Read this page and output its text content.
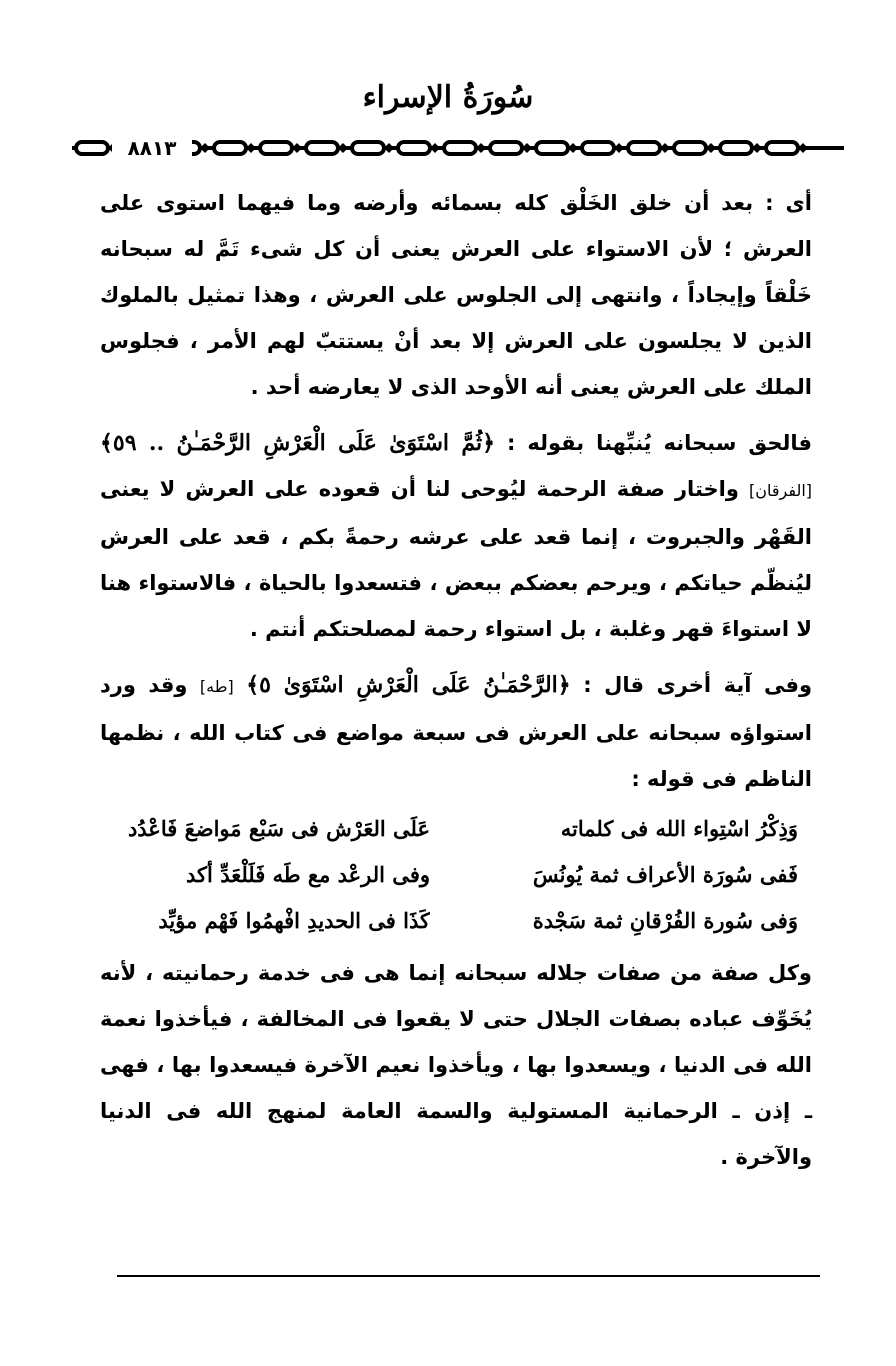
سُورَةُ الإسراء
٨٨١٣

أى : بعد أن خلق الخَلْق كله بسمائه وأرضه وما فيهما استوى على العرش ؛ لأن الاستواء على العرش يعنى أن كل شىء تَمَّ له سبحانه خَلْقاً وإيجاداً ، وانتهى إلى الجلوس على العرش ، وهذا تمثيل بالملوك الذين لا يجلسون على العرش إلا بعد أنْ يستتبّ لهم الأمر ، فجلوس الملك على العرش يعنى أنه الأوحد الذى لا يعارضه أحد .

فالحق سبحانه يُنبِّهنا بقوله : ﴿ثُمَّ اسْتَوَىٰ عَلَى الْعَرْشِ الرَّحْمَـٰنُ .. ٥٩﴾ [الفرقان] واختار صفة الرحمة ليُوحى لنا أن قعوده على العرش لا يعنى القَهْر والجبروت ، إنما قعد على عرشه رحمةً بكم ، قعد على العرش ليُنظّم حياتكم ، ويرحم بعضكم ببعض ، فتسعدوا بالحياة ، فالاستواء هنا لا استواءَ قهر وغلبة ، بل استواء رحمة لمصلحتكم أنتم .

وفى آية أخرى قال : ﴿الرَّحْمَـٰنُ عَلَى الْعَرْشِ اسْتَوَىٰ ٥﴾ [طه] وقد ورد استواؤه سبحانه على العرش فى سبعة مواضع فى كتاب الله ، نظمها الناظم فى قوله :

وَذِكْرُ اسْتِواء الله فى كلماته
عَلَى العَرْش فى سَبْع مَواضعَ فَاعْدُد
فَفى سُورَة الأعراف ثمة يُونُسَ
وفى الرعْد مع طَه فَلَلْعَدِّ أكد
وَفى سُورة الفُرْقانِ ثمة سَجْدة
كَذَا فى الحديدِ افْهمُوا فَهْم مؤيِّد

وكل صفة من صفات جلاله سبحانه إنما هى فى خدمة رحمانيته ، لأنه يُخَوِّف عباده بصفات الجلال حتى لا يقعوا فى المخالفة ، فيأخذوا نعمة الله فى الدنيا ، ويسعدوا بها ، ويأخذوا نعيم الآخرة فيسعدوا بها ، فهى ـ إذن ـ الرحمانية المستولية والسمة العامة لمنهج الله فى الدنيا والآخرة .
